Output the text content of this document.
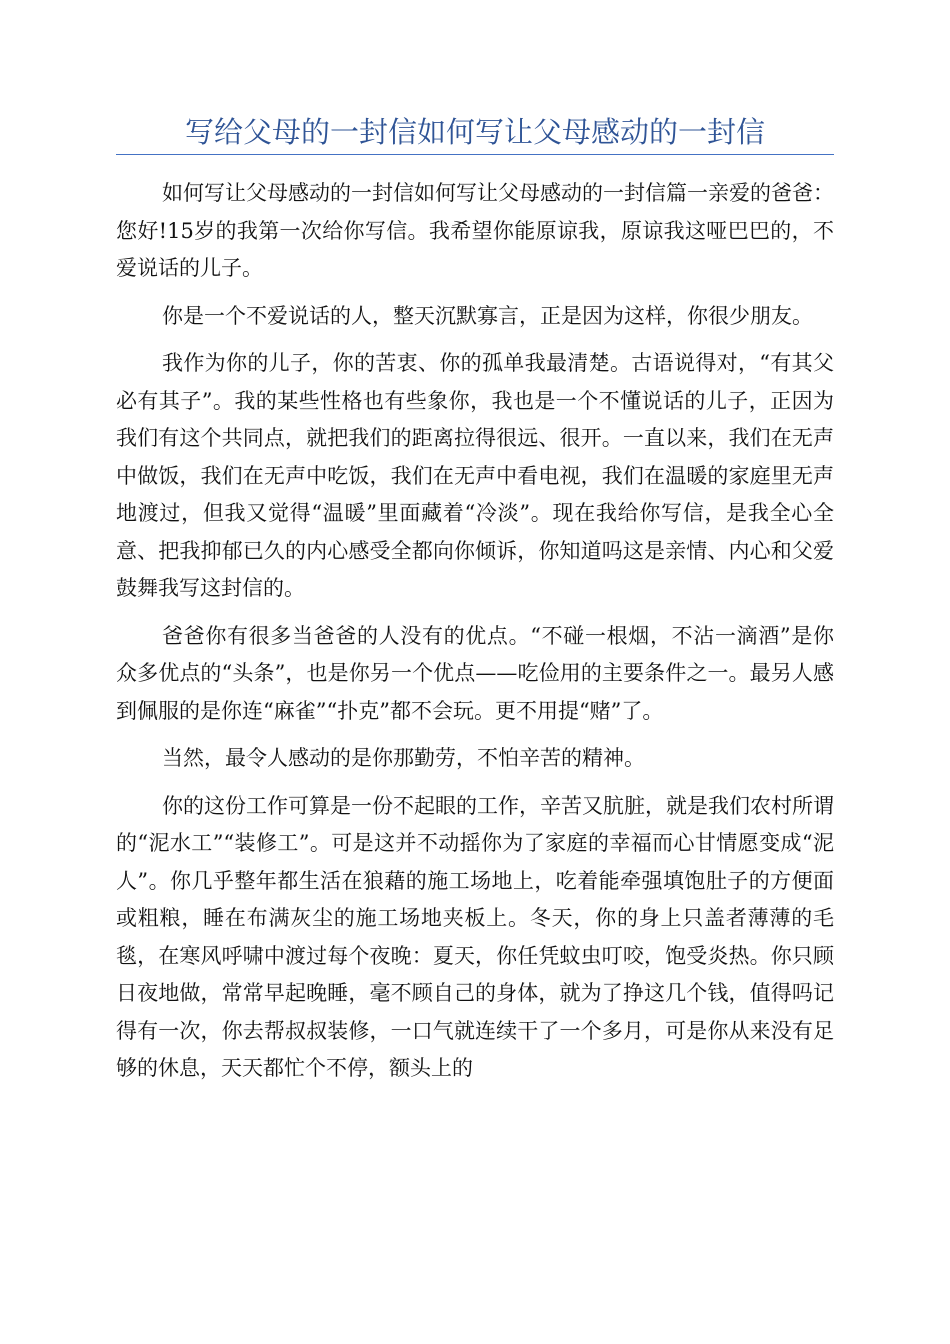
写给父母的一封信如何写让父母感动的一封信

如何写让父母感动的一封信如何写让父母感动的一封信篇一亲爱的爸爸： 您好!15岁的我第一次给你写信。我希望你能原谅我，原谅我这哑巴巴的，不爱说话的儿子。

你是一个不爱说话的人，整天沉默寡言，正是因为这样，你很少朋友。

我作为你的儿子，你的苦衷、你的孤单我最清楚。古语说得对，“有其父必有其子”。我的某些性格也有些象你，我也是一个不懂说话的儿子，正因为我们有这个共同点，就把我们的距离拉得很远、很开。一直以来，我们在无声中做饭，我们在无声中吃饭，我们在无声中看电视，我们在温暖的家庭里无声地渡过，但我又觉得“温暖”里面藏着“冷淡”。现在我给你写信，是我全心全意、把我抑郁已久的内心感受全都向你倾诉，你知道吗这是亲情、内心和父爱鼓舞我写这封信的。

爸爸你有很多当爸爸的人没有的优点。“不碰一根烟，不沾一滴酒”是你众多优点的“头条”，也是你另一个优点——吃俭用的主要条件之一。最另人感到佩服的是你连“麻雀”“扑克”都不会玩。更不用提“赌”了。

当然，最令人感动的是你那勤劳，不怕辛苦的精神。

你的这份工作可算是一份不起眼的工作，辛苦又肮脏，就是我们农村所谓的“泥水工”“装修工”。可是这并不动摇你为了家庭的幸福而心甘情愿变成“泥人”。你几乎整年都生活在狼藉的施工场地上，吃着能牵强填饱肚子的方便面或粗粮，睡在布满灰尘的施工场地夹板上。冬天，你的身上只盖者薄薄的毛毯，在寒风呼啸中渡过每个夜晚：夏天，你任凭蚊虫叮咬，饱受炎热。你只顾日夜地做，常常早起晚睡，毫不顾自己的身体，就为了挣这几个钱，值得吗记得有一次，你去帮叔叔装修，一口气就连续干了一个多月，可是你从来没有足够的休息，天天都忙个不停，额头上的
